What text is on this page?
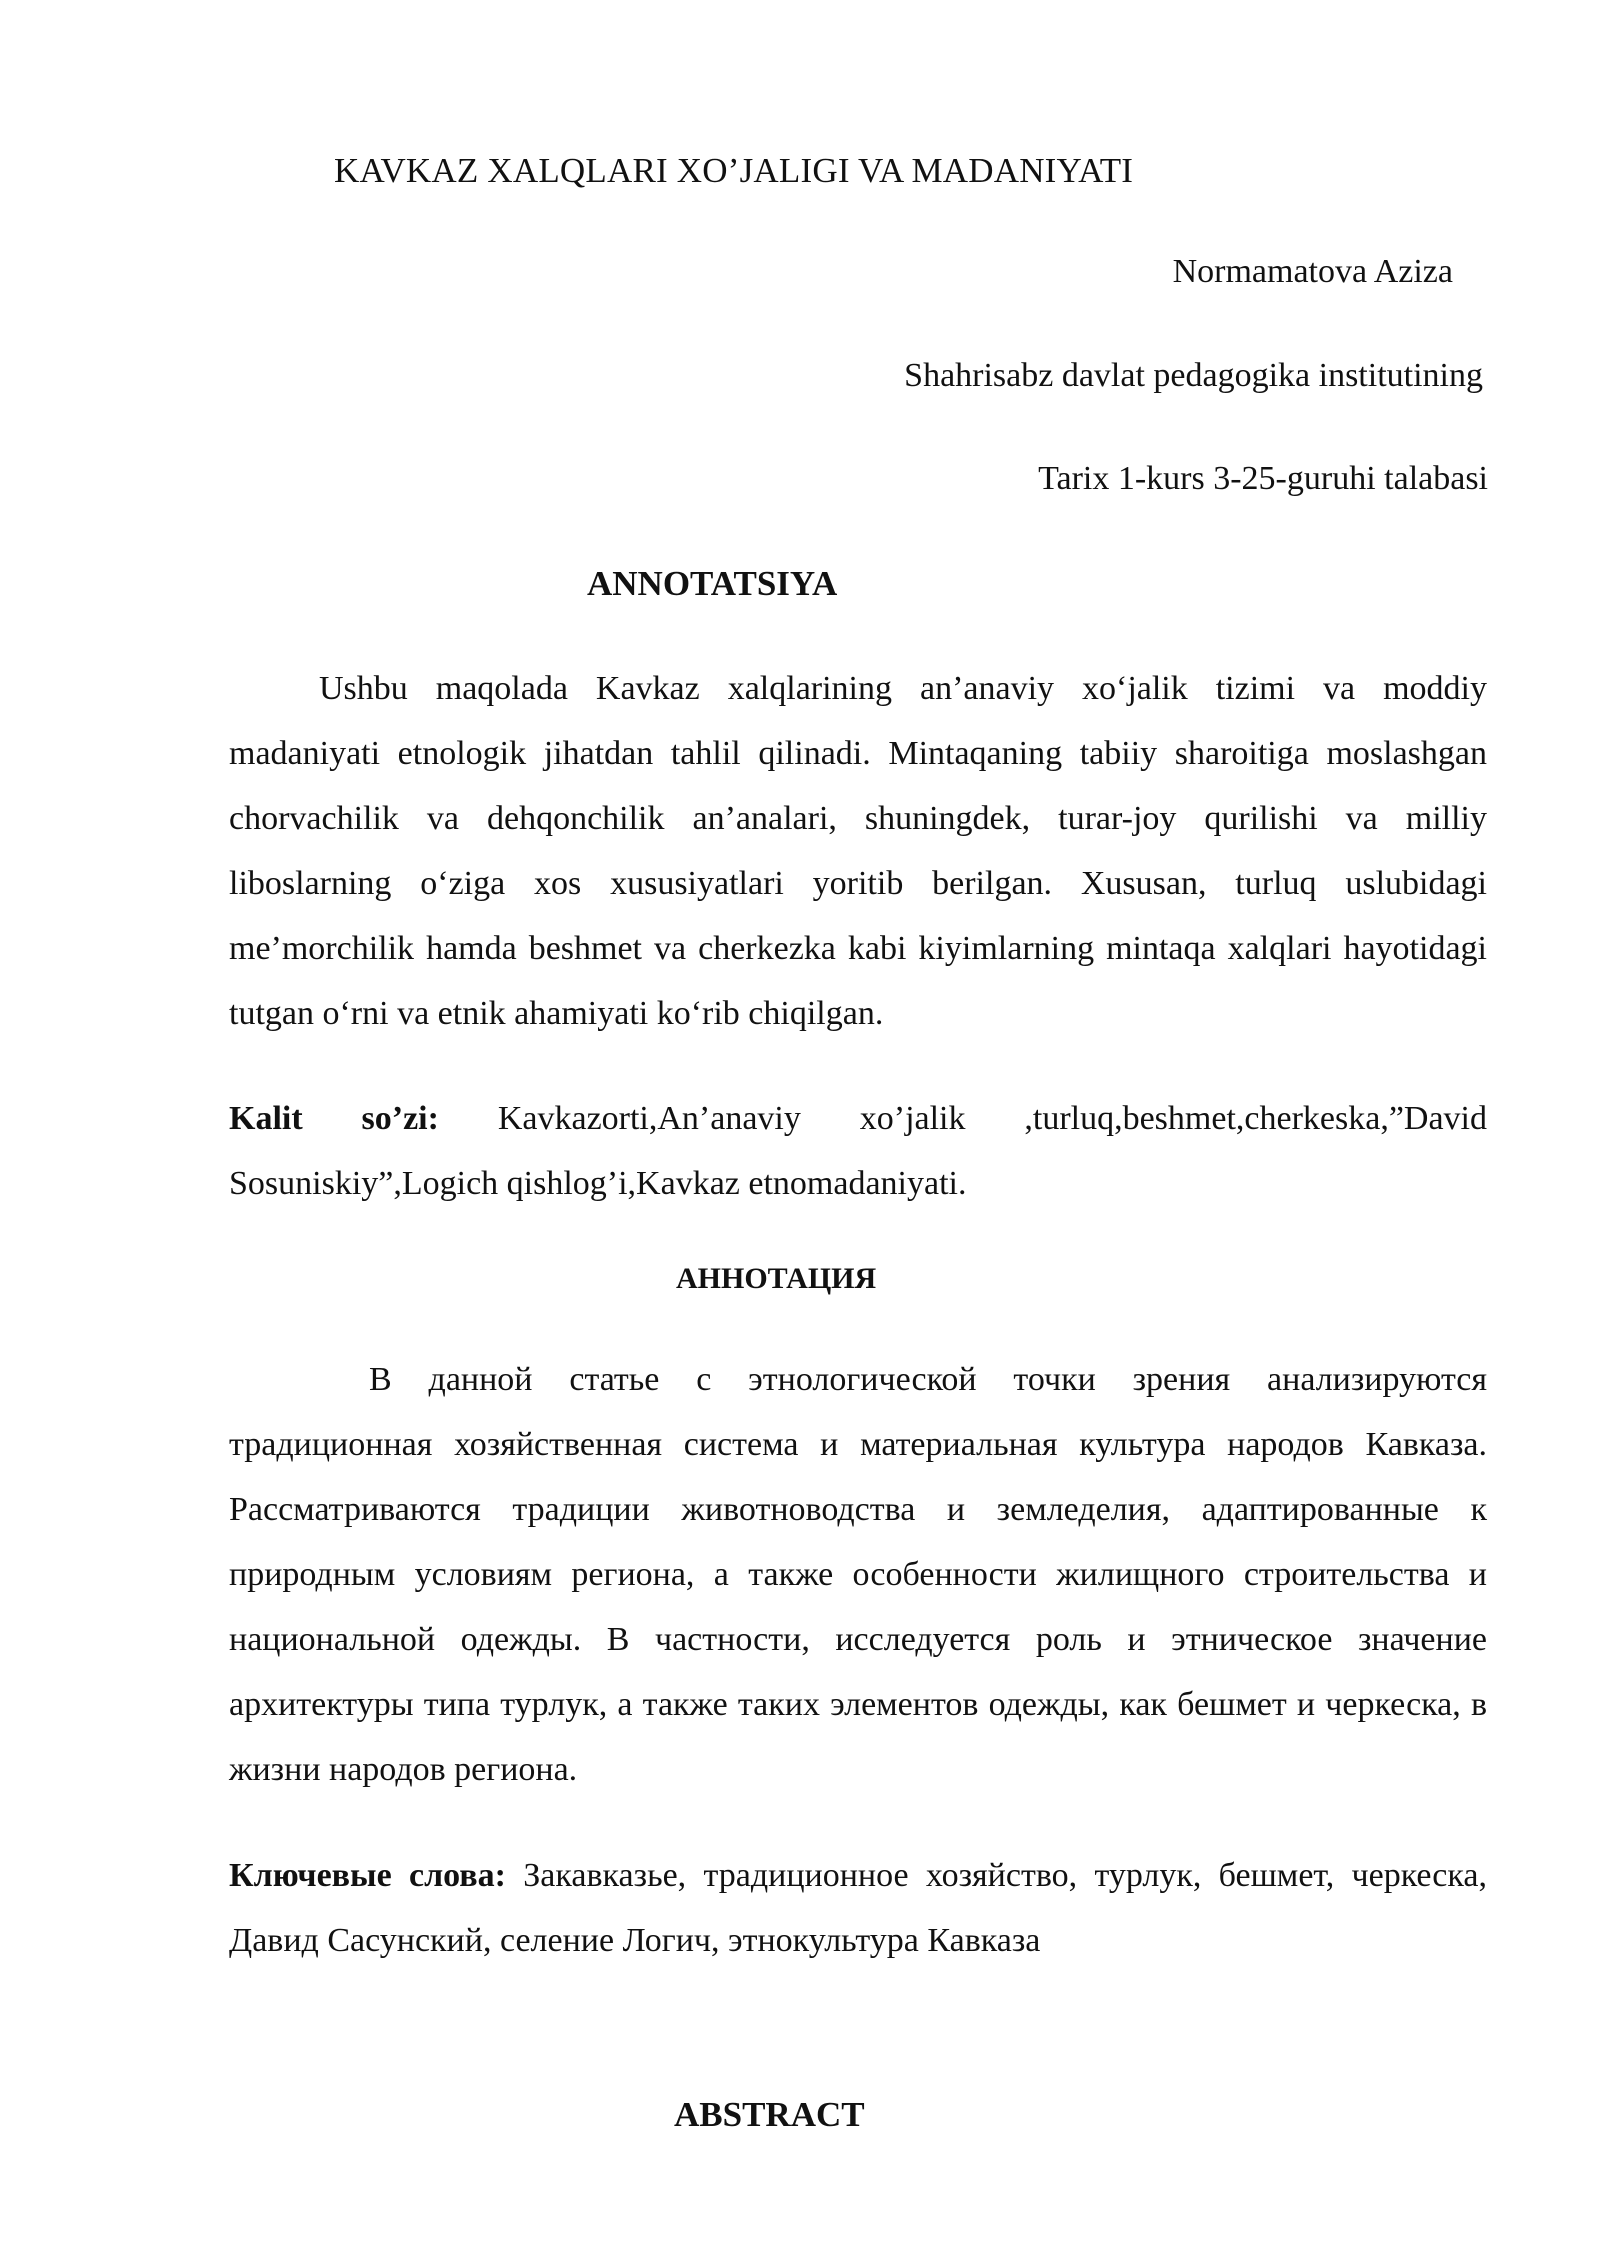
KAVKAZ XALQLARI XO’JALIGI VA MADANIYATI
Normamatova Aziza
Shahrisabz davlat pedagogika institutining
Tarix 1-kurs 3-25-guruhi talabasi
ANNOTATSIYA

Ushbu maqolada Kavkaz xalqlarining an’anaviy xo‘jalik tizimi va moddiy madaniyati etnologik jihatdan tahlil qilinadi. Mintaqaning tabiiy sharoitiga moslashgan chorvachilik va dehqonchilik an’analari, shuningdek, turar-joy qurilishi va milliy liboslarning o‘ziga xos xususiyatlari yoritib berilgan. Xususan, turluq uslubidagi me’morchilik hamda beshmet va cherkezka kabi kiyimlarning mintaqa xalqlari hayotidagi tutgan o‘rni va etnik ahamiyati ko‘rib chiqilgan.

Kalit so’zi: Kavkazorti,An’anaviy xo’jalik ,turluq,beshmet,cherkeska,”David Sosuniskiy”,Logich qishlog’i,Kavkaz etnomadaniyati.

АННОТАЦИЯ

В данной статье с этнологической точки зрения анализируются традиционная хозяйственная система и материальная культура народов Кавказа. Рассматриваются традиции животноводства и земледелия, адаптированные к природным условиям региона, а также особенности жилищного строительства и национальной одежды. В частности, исследуется роль и этническое значение архитектуры типа турлук, а также таких элементов одежды, как бешмет и черкеска, в жизни народов региона.

Ключевые слова: Закавказье, традиционное хозяйство, турлук, бешмет, черкеска, Давид Сасунский, селение Логич, этнокультура Кавказа

ABSTRACT
